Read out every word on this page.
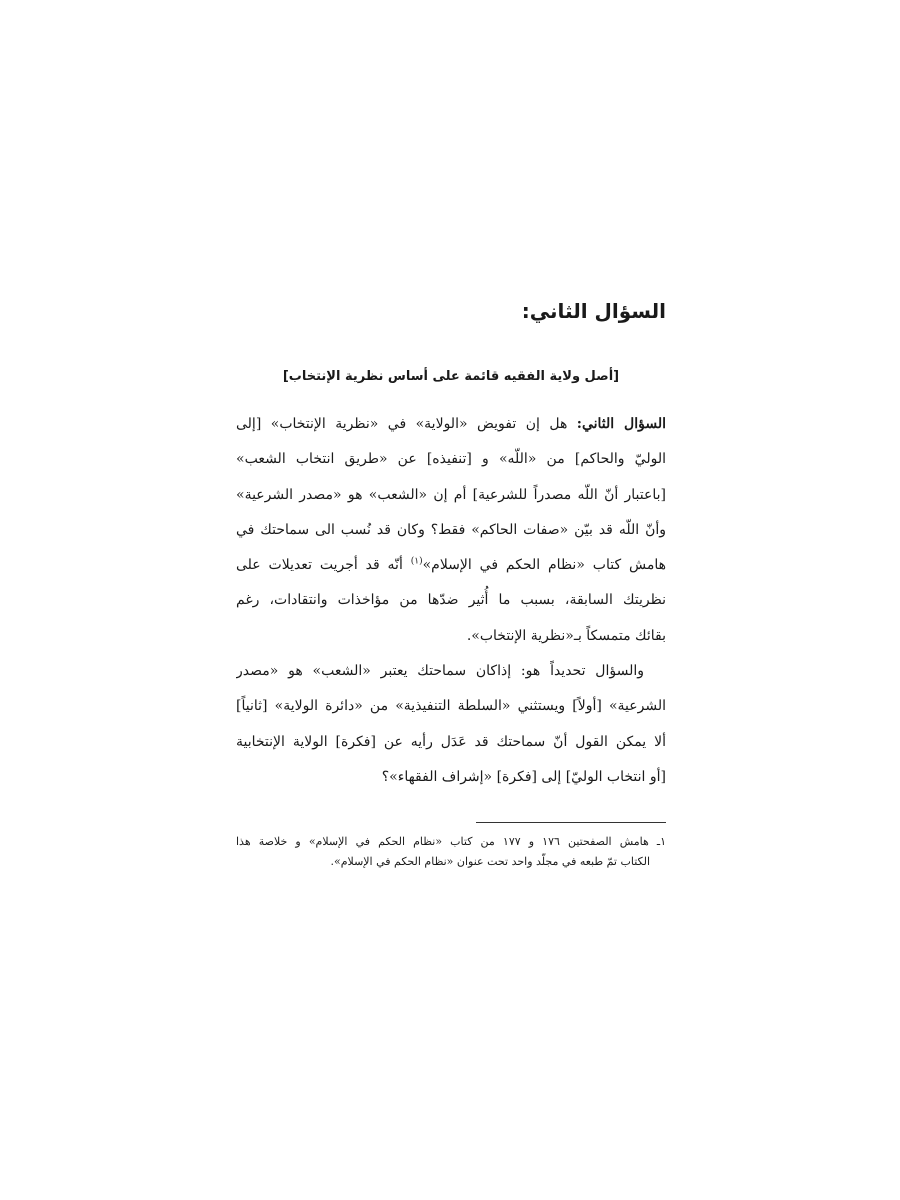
السؤال الثاني:
[أصل ولاية الفقيه قائمة على أساس نظرية الإنتخاب]
السؤال الثاني: هل إن تفويض «الولاية» في «نظرية الإنتخاب» [إلى
الوليّ والحاكم] من «اللّه» و [تنفيذه] عن «طريق انتخاب الشعب»
[باعتبار أنّ اللّه مصدراً للشرعية] أم إن «الشعب» هو «مصدر الشرعية»
وأنّ اللّه قد بيّن «صفات الحاكم» فقط؟ وكان قد نُسب الى سماحتك في
هامش كتاب «نظام الحكم في الإسلام»$^{(١)}$ أنّه قد أجريت تعديلات على
نظريتك السابقة، بسبب ما أُثير ضدّها من مؤاخذات وانتقادات، رغم
بقائك متمسكاً بـ«نظرية الإنتخاب».
والسؤال تحديداً هو: إذاكان سماحتك يعتبر «الشعب» هو «مصدر
الشرعية» [أولاً] ويستثني «السلطة التنفيذية» من «دائرة الولاية» [ثانياً]
ألا يمكن القول أنّ سماحتك قد عَدَل رأيه عن [فكرة] الولاية الإنتخابية
[أو انتخاب الوليّ] إلى [فكرة] «إشراف الفقهاء»؟
١ـ هامش الصفحتين ١٧٦ و ١٧٧ من كتاب «نظام الحكم في الإسلام» و خلاصة هذا
الكتاب تمّ طبعه في مجلّد واحد تحت عنوان «نظام الحكم في الإسلام».
